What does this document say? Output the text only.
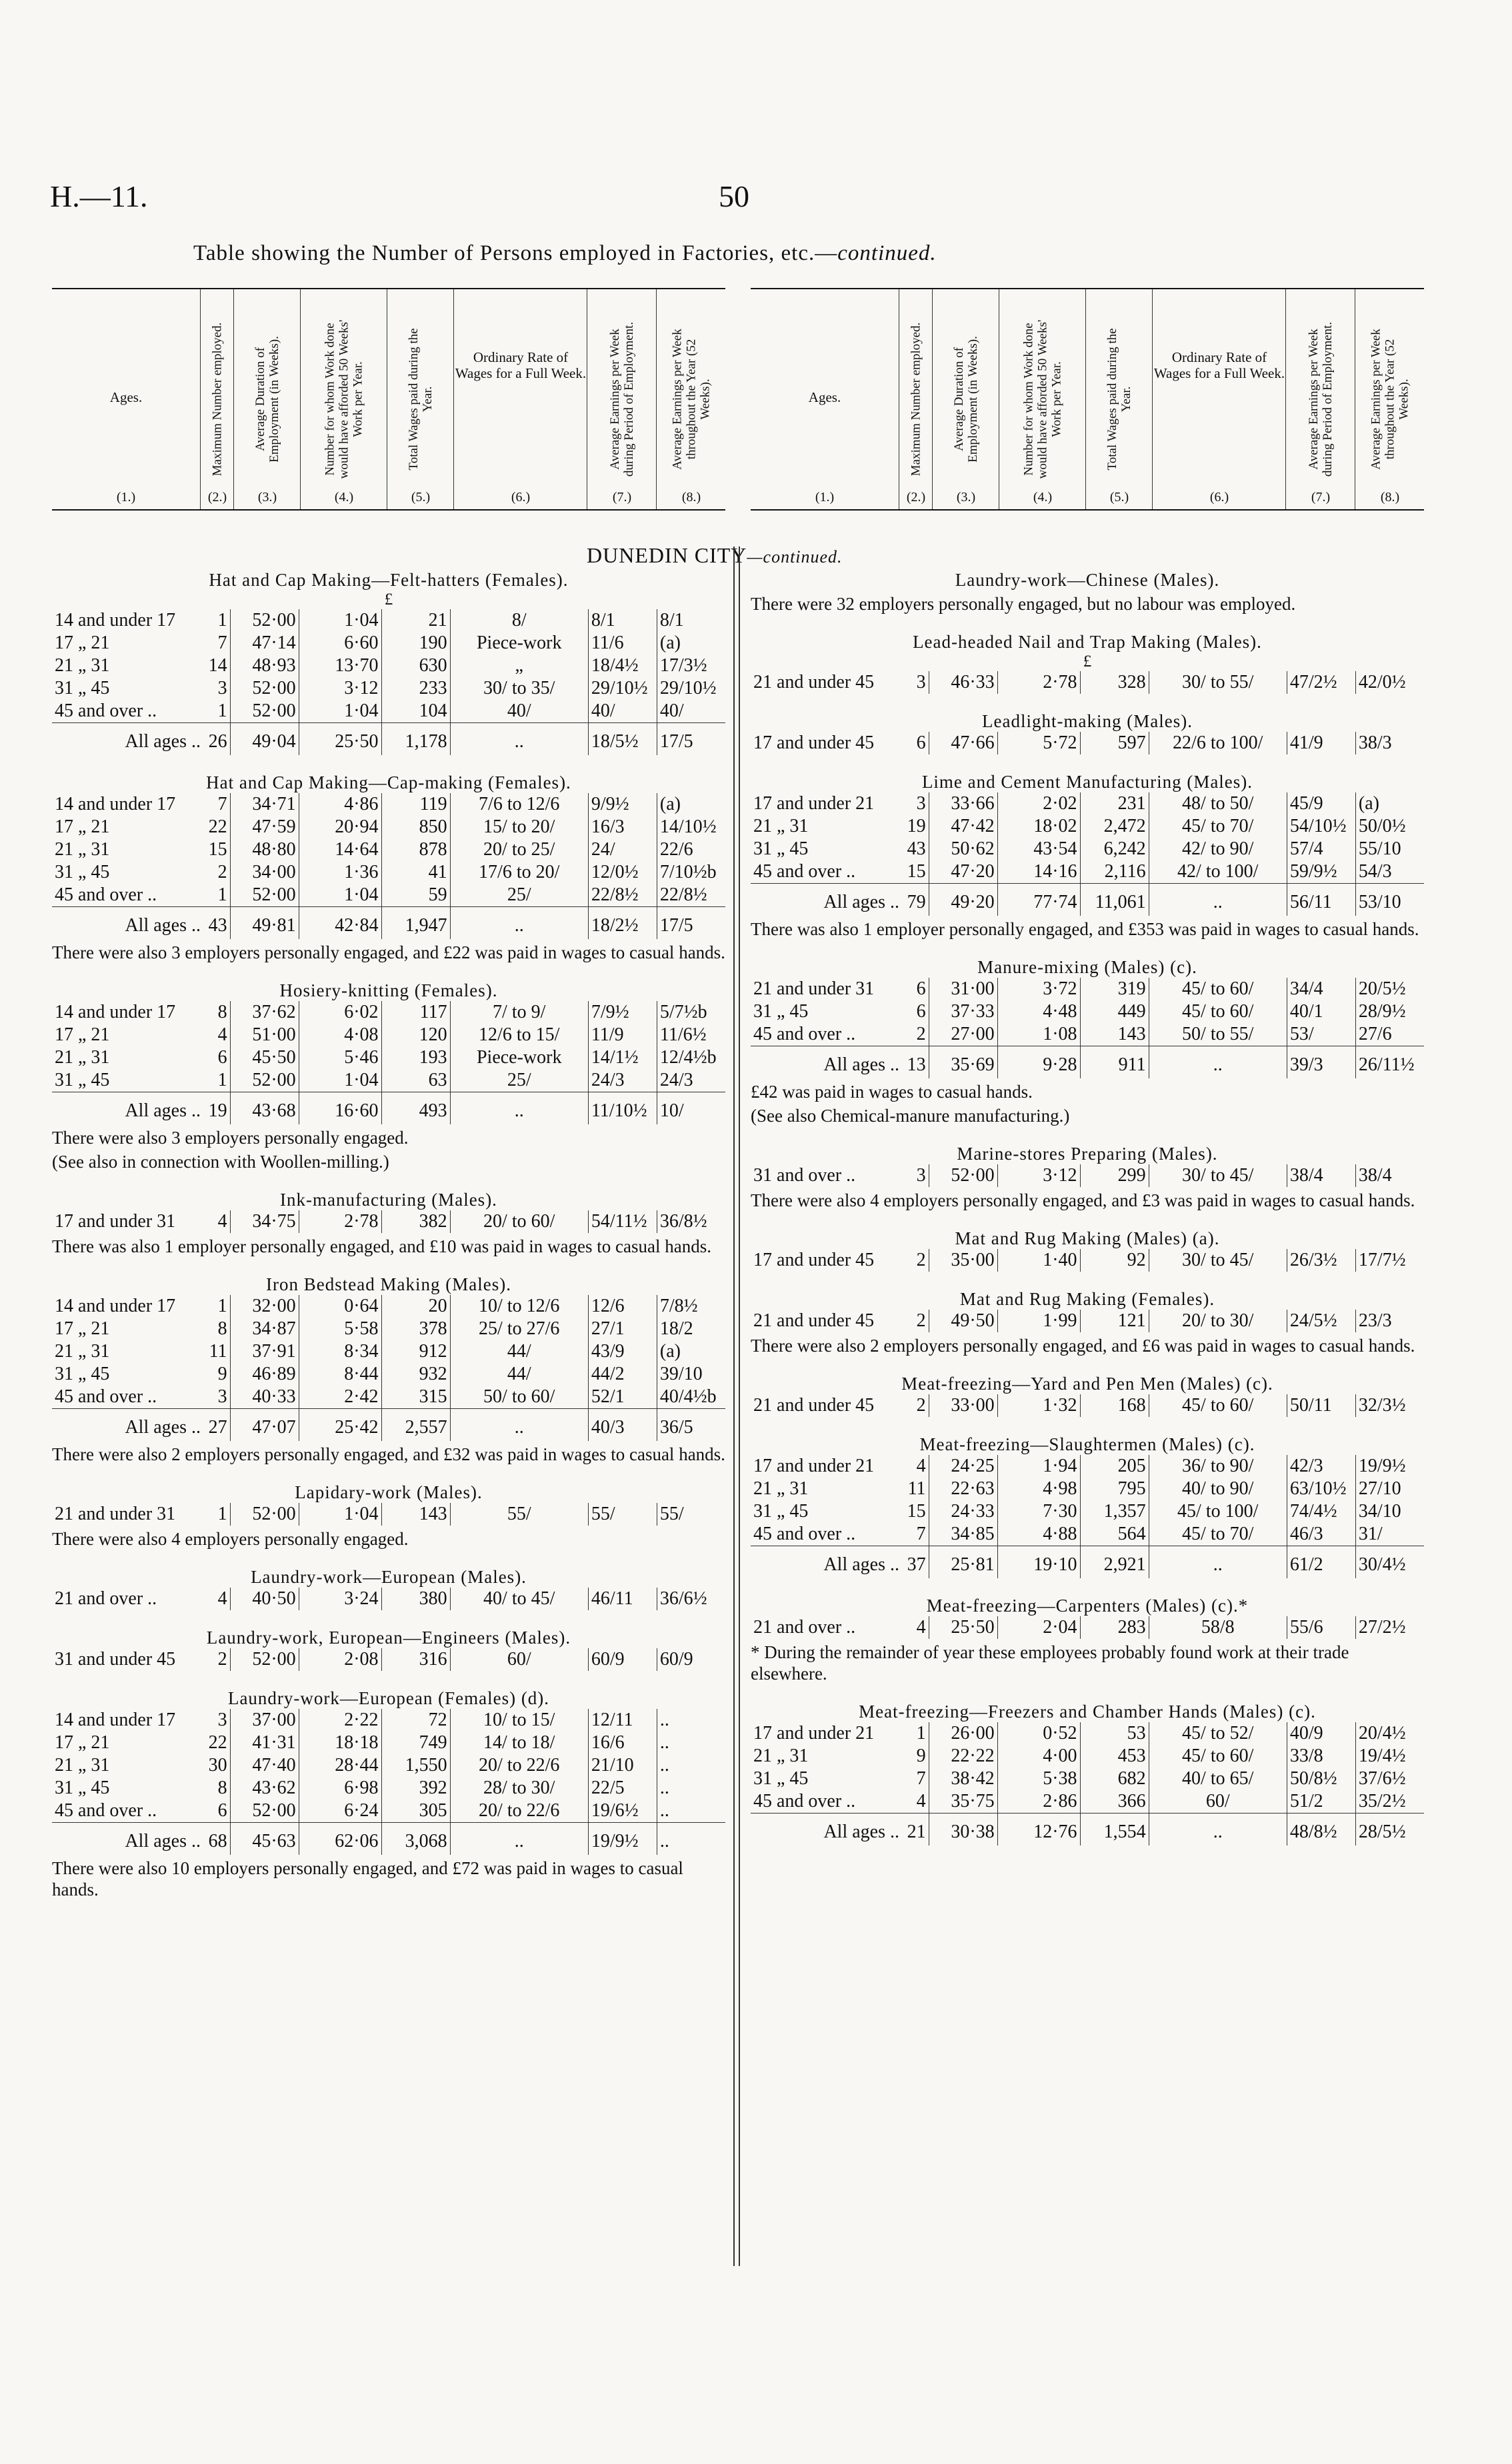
H.—11.	50
Table showing the Number of Persons employed in Factories, etc.—continued.
Ages.
(1.)
Maximum Number employed.
(2.)
Average Duration of Employment (in Weeks).
(3.)
Number for whom Work done would have afforded 50 Weeks' Work per Year.
(4.)
Total Wages paid during the Year.
(5.)
Ordinary Rate of Wages for a Full Week.
(6.)
Average Earnings per Week during Period of Employment.
(7.)
Average Earnings per Week throughout the Year (52 Weeks).
(8.)
Ages.
(1.)
Maximum Number employed.
(2.)
Average Duration of Employment (in Weeks).
(3.)
Number for whom Work done would have afforded 50 Weeks' Work per Year.
(4.)
Total Wages paid during the Year.
(5.)
Ordinary Rate of Wages for a Full Week.
(6.)
Average Earnings per Week during Period of Employment.
(7.)
Average Earnings per Week throughout the Year (52 Weeks).
(8.)
DUNEDIN CITY—continued.
Hat and Cap Making—Felt-hatters (Females).
£
14 and under 17	1	52·00	1·04	21	8/	8/1	8/1
17 „ 21	7	47·14	6·60	190	Piece-work	11/6	(a)
21 „ 31	14	48·93	13·70	630	„	18/4½	17/3½
31 „ 45	3	52·00	3·12	233	30/ to 35/	29/10½	29/10½
45 and over ..	1	52·00	1·04	104	40/	40/	40/
All ages ..	26	49·04	25·50	1,178	..	18/5½	17/5
Hat and Cap Making—Cap-making (Females).
14 and under 17	7	34·71	4·86	119	7/6 to 12/6	9/9½	(a)
17 „ 21	22	47·59	20·94	850	15/ to 20/	16/3	14/10½
21 „ 31	15	48·80	14·64	878	20/ to 25/	24/	22/6
31 „ 45	2	34·00	1·36	41	17/6 to 20/	12/0½	7/10½b
45 and over ..	1	52·00	1·04	59	25/	22/8½	22/8½
All ages ..	43	49·81	42·84	1,947	..	18/2½	17/5

There were also 3 employers personally engaged, and £22 was paid in wages to casual hands.

Hosiery-knitting (Females).
14 and under 17	8	37·62	6·02	117	7/ to 9/	7/9½	5/7½b
17 „ 21	4	51·00	4·08	120	12/6 to 15/	11/9	11/6½
21 „ 31	6	45·50	5·46	193	Piece-work	14/1½	12/4½b
31 „ 45	1	52·00	1·04	63	25/	24/3	24/3
All ages ..	19	43·68	16·60	493	..	11/10½	10/

There were also 3 employers personally engaged.

(See also in connection with Woollen-milling.)

Ink-manufacturing (Males).
17 and under 31	4	34·75	2·78	382	20/ to 60/	54/11½	36/8½

There was also 1 employer personally engaged, and £10 was paid in wages to casual hands.

Iron Bedstead Making (Males).
14 and under 17	1	32·00	0·64	20	10/ to 12/6	12/6	7/8½
17 „ 21	8	34·87	5·58	378	25/ to 27/6	27/1	18/2
21 „ 31	11	37·91	8·34	912	44/	43/9	(a)
31 „ 45	9	46·89	8·44	932	44/	44/2	39/10
45 and over ..	3	40·33	2·42	315	50/ to 60/	52/1	40/4½b
All ages ..	27	47·07	25·42	2,557	..	40/3	36/5

There were also 2 employers personally engaged, and £32 was paid in wages to casual hands.

Lapidary-work (Males).
21 and under 31	1	52·00	1·04	143	55/	55/	55/

There were also 4 employers personally engaged.

Laundry-work—European (Males).
21 and over ..	4	40·50	3·24	380	40/ to 45/	46/11	36/6½
Laundry-work, European—Engineers (Males).
31 and under 45	2	52·00	2·08	316	60/	60/9	60/9
Laundry-work—European (Females) (d).
14 and under 17	3	37·00	2·22	72	10/ to 15/	12/11	..
17 „ 21	22	41·31	18·18	749	14/ to 18/	16/6	..
21 „ 31	30	47·40	28·44	1,550	20/ to 22/6	21/10	..
31 „ 45	8	43·62	6·98	392	28/ to 30/	22/5	..
45 and over ..	6	52·00	6·24	305	20/ to 22/6	19/6½	..
All ages ..	68	45·63	62·06	3,068	..	19/9½	..

There were also 10 employers personally engaged, and £72 was paid in wages to casual hands.

Laundry-work—Chinese (Males).

There were 32 employers personally engaged, but no labour was employed.

Lead-headed Nail and Trap Making (Males).
£
21 and under 45	3	46·33	2·78	328	30/ to 55/	47/2½	42/0½
Leadlight-making (Males).
17 and under 45	6	47·66	5·72	597	22/6 to 100/	41/9	38/3
Lime and Cement Manufacturing (Males).
17 and under 21	3	33·66	2·02	231	48/ to 50/	45/9	(a)
21 „ 31	19	47·42	18·02	2,472	45/ to 70/	54/10½	50/0½
31 „ 45	43	50·62	43·54	6,242	42/ to 90/	57/4	55/10
45 and over ..	15	47·20	14·16	2,116	42/ to 100/	59/9½	54/3
All ages ..	79	49·20	77·74	11,061	..	56/11	53/10

There was also 1 employer personally engaged, and £353 was paid in wages to casual hands.

Manure-mixing (Males) (c).
21 and under 31	6	31·00	3·72	319	45/ to 60/	34/4	20/5½
31 „ 45	6	37·33	4·48	449	45/ to 60/	40/1	28/9½
45 and over ..	2	27·00	1·08	143	50/ to 55/	53/	27/6
All ages ..	13	35·69	9·28	911	..	39/3	26/11½

£42 was paid in wages to casual hands.

(See also Chemical-manure manufacturing.)

Marine-stores Preparing (Males).
31 and over ..	3	52·00	3·12	299	30/ to 45/	38/4	38/4

There were also 4 employers personally engaged, and £3 was paid in wages to casual hands.

Mat and Rug Making (Males) (a).
17 and under 45	2	35·00	1·40	92	30/ to 45/	26/3½	17/7½
Mat and Rug Making (Females).
21 and under 45	2	49·50	1·99	121	20/ to 30/	24/5½	23/3

There were also 2 employers personally engaged, and £6 was paid in wages to casual hands.

Meat-freezing—Yard and Pen Men (Males) (c).
21 and under 45	2	33·00	1·32	168	45/ to 60/	50/11	32/3½
Meat-freezing—Slaughtermen (Males) (c).
17 and under 21	4	24·25	1·94	205	36/ to 90/	42/3	19/9½
21 „ 31	11	22·63	4·98	795	40/ to 90/	63/10½	27/10
31 „ 45	15	24·33	7·30	1,357	45/ to 100/	74/4½	34/10
45 and over ..	7	34·85	4·88	564	45/ to 70/	46/3	31/
All ages ..	37	25·81	19·10	2,921	..	61/2	30/4½
Meat-freezing—Carpenters (Males) (c).*
21 and over ..	4	25·50	2·04	283	58/8	55/6	27/2½

* During the remainder of year these employees probably found work at their trade elsewhere.

Meat-freezing—Freezers and Chamber Hands (Males) (c).
17 and under 21	1	26·00	0·52	53	45/ to 52/	40/9	20/4½
21 „ 31	9	22·22	4·00	453	45/ to 60/	33/8	19/4½
31 „ 45	7	38·42	5·38	682	40/ to 65/	50/8½	37/6½
45 and over ..	4	35·75	2·86	366	60/	51/2	35/2½
All ages ..	21	30·38	12·76	1,554	..	48/8½	28/5½
